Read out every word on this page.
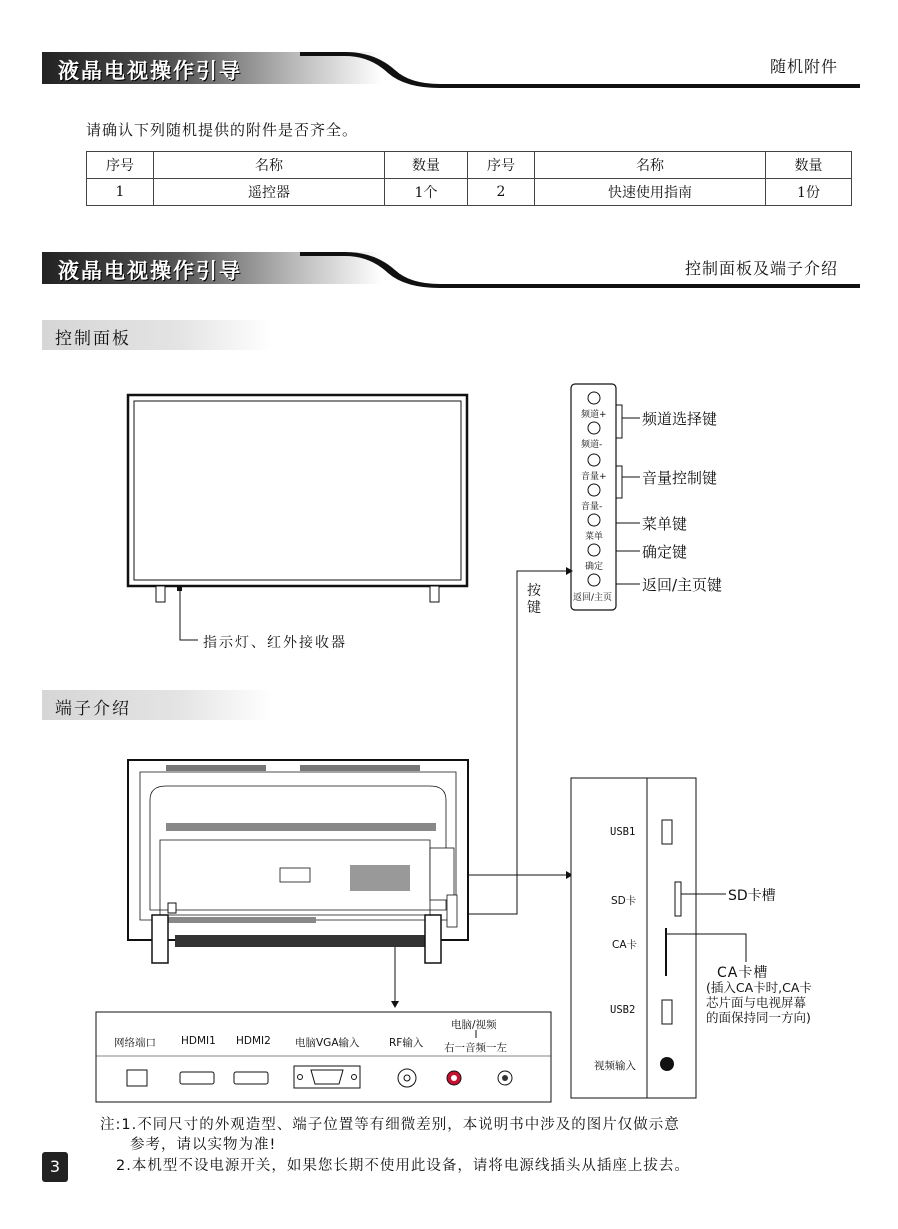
液晶电视操作引导	随机附件
请确认下列随机提供的附件是否齐全。
序号	名称	数量	序号	名称	数量
1	遥控器	1个	2	快速使用指南	1份
液晶电视操作引导	控制面板及端子介绍
控制面板
指示灯、红外接收器
按键
频道+
频道-
音量+
音量-
菜单
确定
返回/主页
频道选择键
音量控制键
菜单键
确定键
返回/主页键
端子介绍
网络端口 HDMI1 HDMI2 电脑VGA输入	RF输入
电脑/视频
右一音频一左
USB1
SD卡
CA卡
USB2
视频输入
SD卡槽
CA卡槽
(插入CA卡时,CA卡
芯片面与电视屏幕
的面保持同一方向)
注:1.不同尺寸的外观造型、端子位置等有细微差别，本说明书中涉及的图片仅做示意
参考，请以实物为准!
2.本机型不设电源开关，如果您长期不使用此设备，请将电源线插头从插座上拔去。
3
